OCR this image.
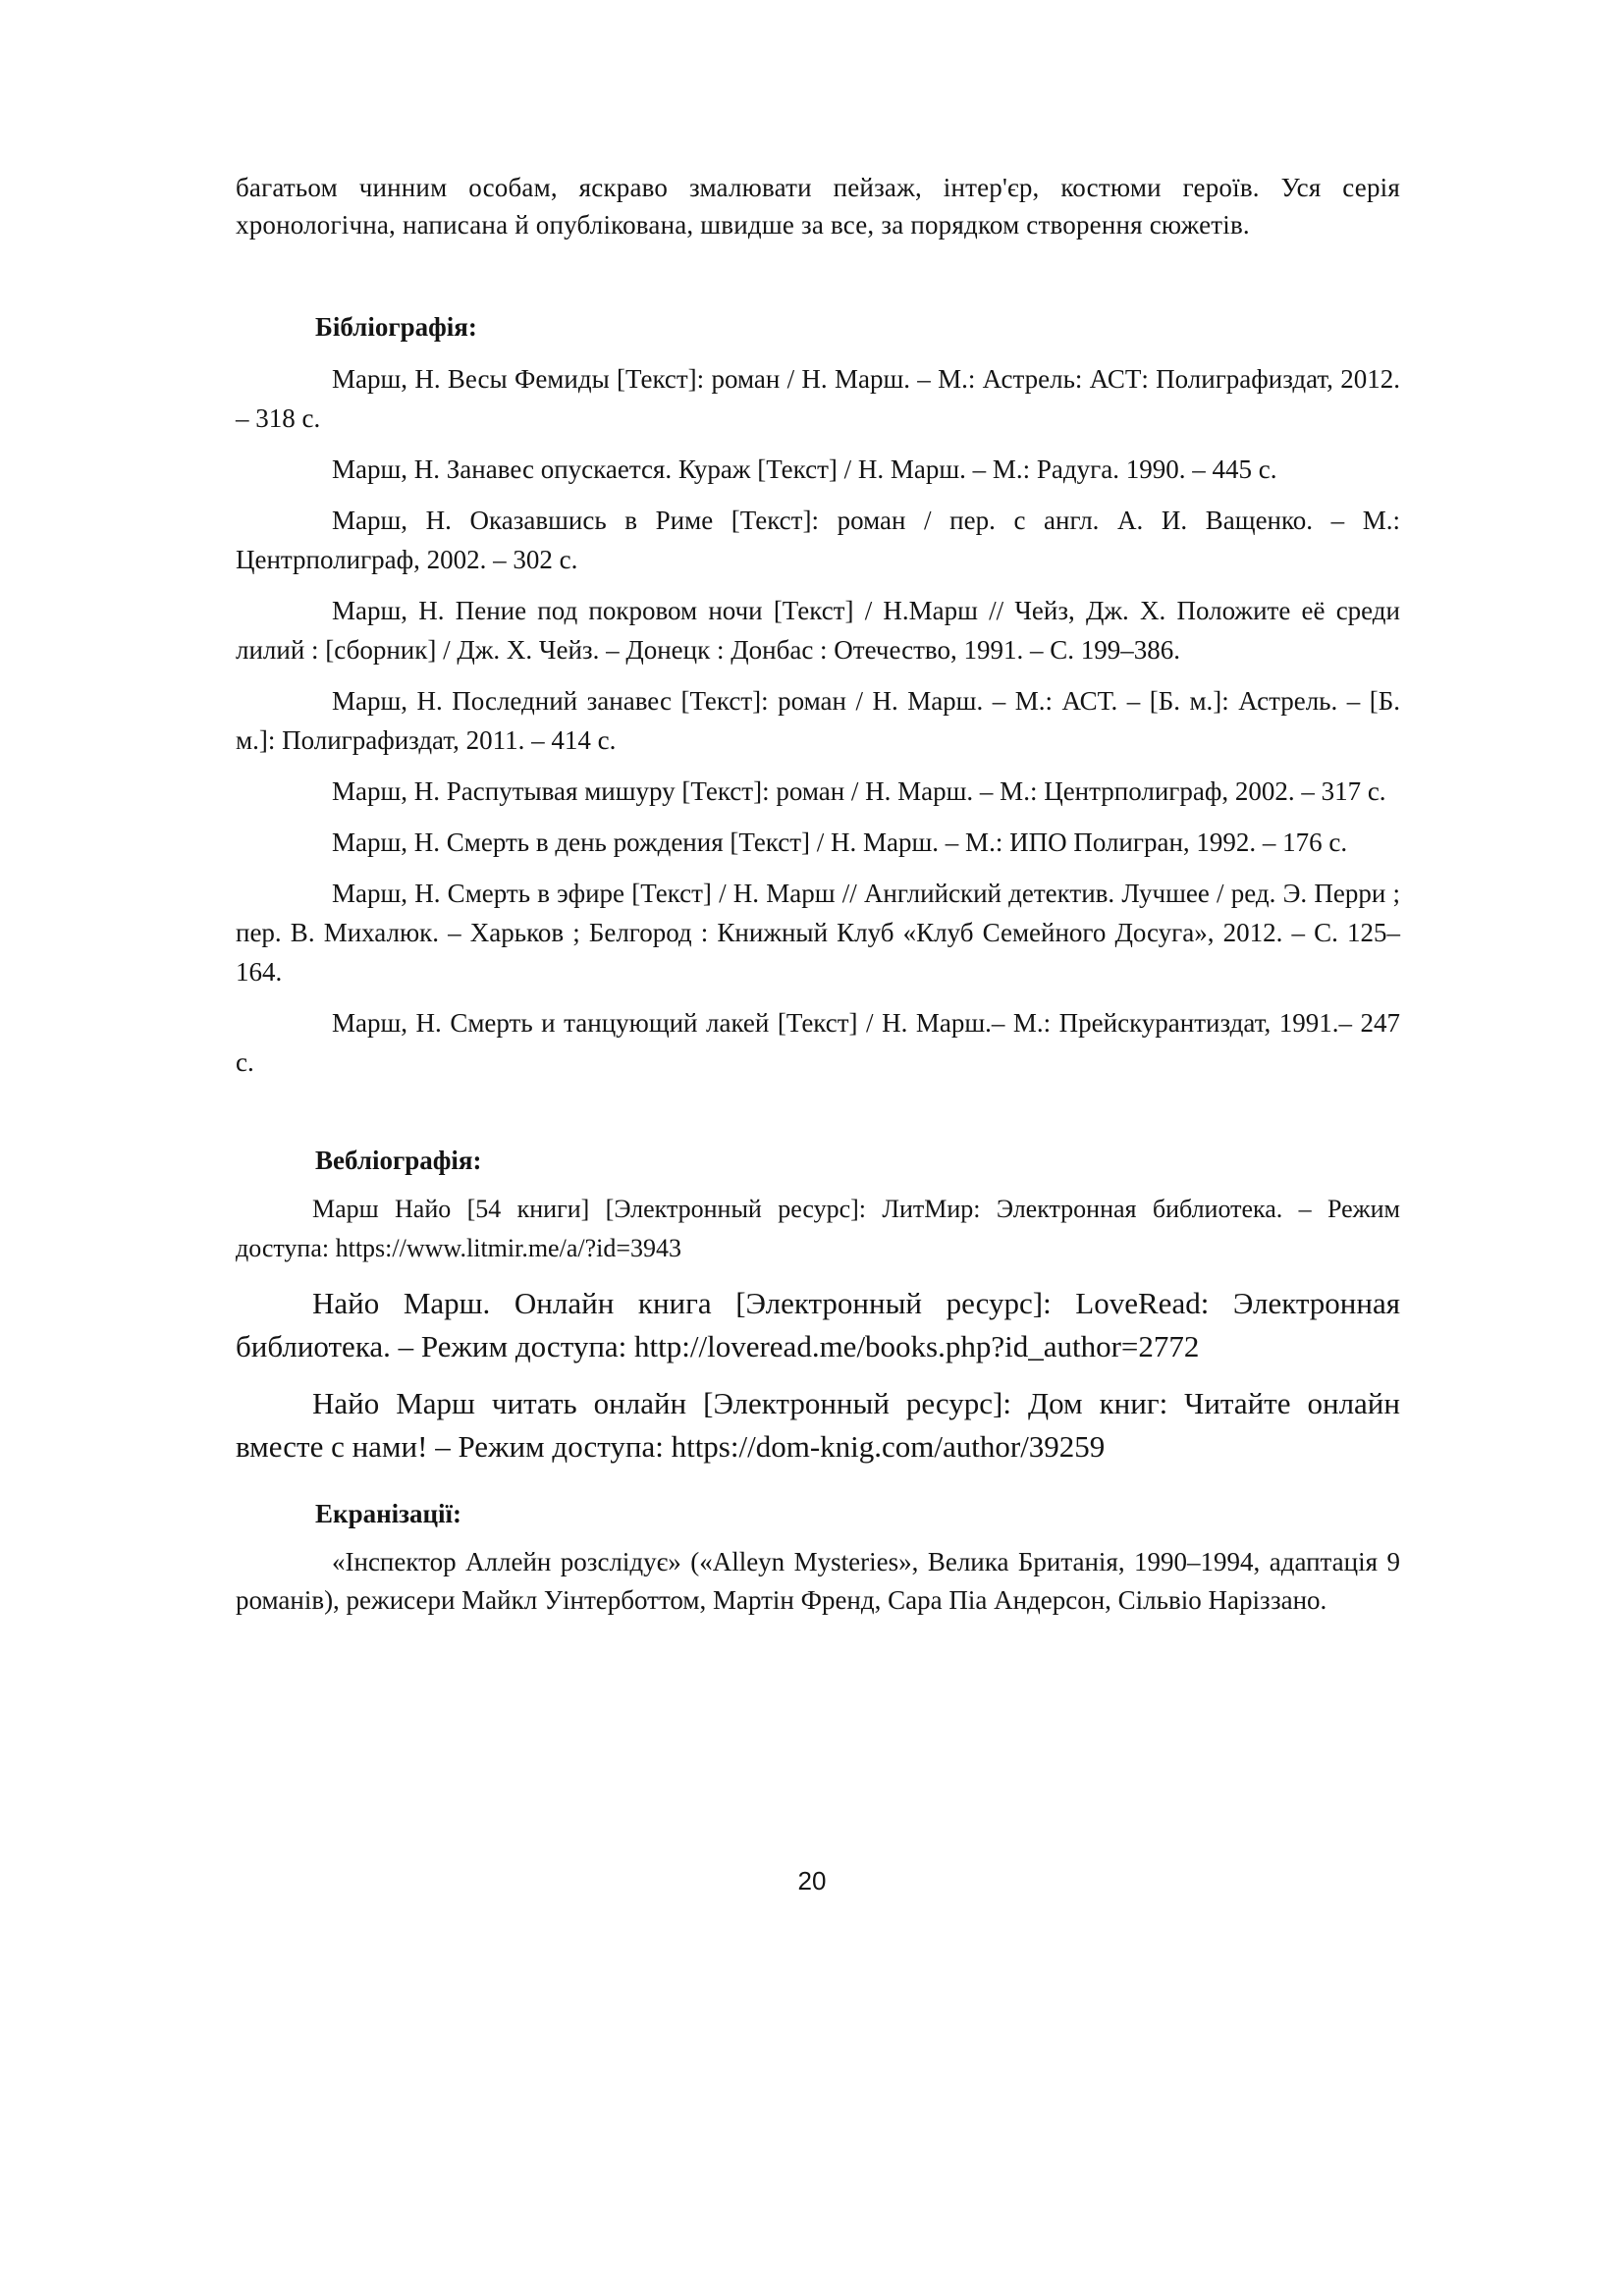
багатьом чинним особам, яскраво змалювати пейзаж, інтер'єр, костюми героїв. Уся серія хронологічна, написана й опублікована, швидше за все, за порядком створення сюжетів.

Бібліографія:

Марш, Н. Весы Фемиды [Текст]: роман / Н. Марш. – М.: Астрель: АСТ: Полиграфиздат, 2012. – 318 с.

Марш, Н. Занавес опускается. Кураж [Текст] / Н. Марш. – М.: Радуга. 1990. – 445 с.

Марш, Н. Оказавшись в Риме [Текст]: роман / пер. с англ. А. И. Ващенко. – М.: Центрполиграф, 2002. – 302 с.

Марш, Н. Пение под покровом ночи [Текст] / Н.Марш // Чейз, Дж. Х. Положите её среди лилий : [сборник] / Дж. Х. Чейз. – Донецк : Донбас : Отечество, 1991. – С. 199–386.

Марш, Н. Последний занавес [Текст]: роман / Н. Марш. – М.: АСТ. – [Б. м.]: Астрель. – [Б. м.]: Полиграфиздат, 2011. – 414 с.

Марш, Н. Распутывая мишуру [Текст]: роман / Н. Марш. – М.: Центрполиграф, 2002. – 317 с.

Марш, Н. Смерть в день рождения [Текст] / Н. Марш. – М.: ИПО Полигран, 1992. – 176 с.

Марш, Н. Смерть в эфире [Текст] / Н. Марш // Английский детектив. Лучшее / ред. Э. Перри ; пер. В. Михалюк. – Харьков ; Белгород : Книжный Клуб «Клуб Семейного Досуга», 2012. – С. 125–164.

Марш, Н. Смерть и танцующий лакей [Текст] / Н. Марш.– М.: Прейскурантиздат, 1991.– 247 с.

Вебліографія:

Марш Найо [54 книги] [Электронный ресурс]: ЛитМир: Электронная библиотека. – Режим доступа: https://www.litmir.me/a/?id=3943

Найо Марш. Онлайн книга [Электронный ресурс]: LoveRead: Электронная библиотека. – Режим доступа: http://loveread.me/books.php?id_author=2772

Найо Марш читать онлайн [Электронный ресурс]: Дом книг: Читайте онлайн вместе с нами! – Режим доступа: https://dom-knig.com/author/39259

Екранізації:

«Інспектор Аллейн розслідує» («Alleyn Mysteries», Велика Британія, 1990–1994, адаптація 9 романів), режисери Майкл Уінтерботтом, Мартін Френд, Сара Піа Андерсон, Сільвіо Наріззано.

20
